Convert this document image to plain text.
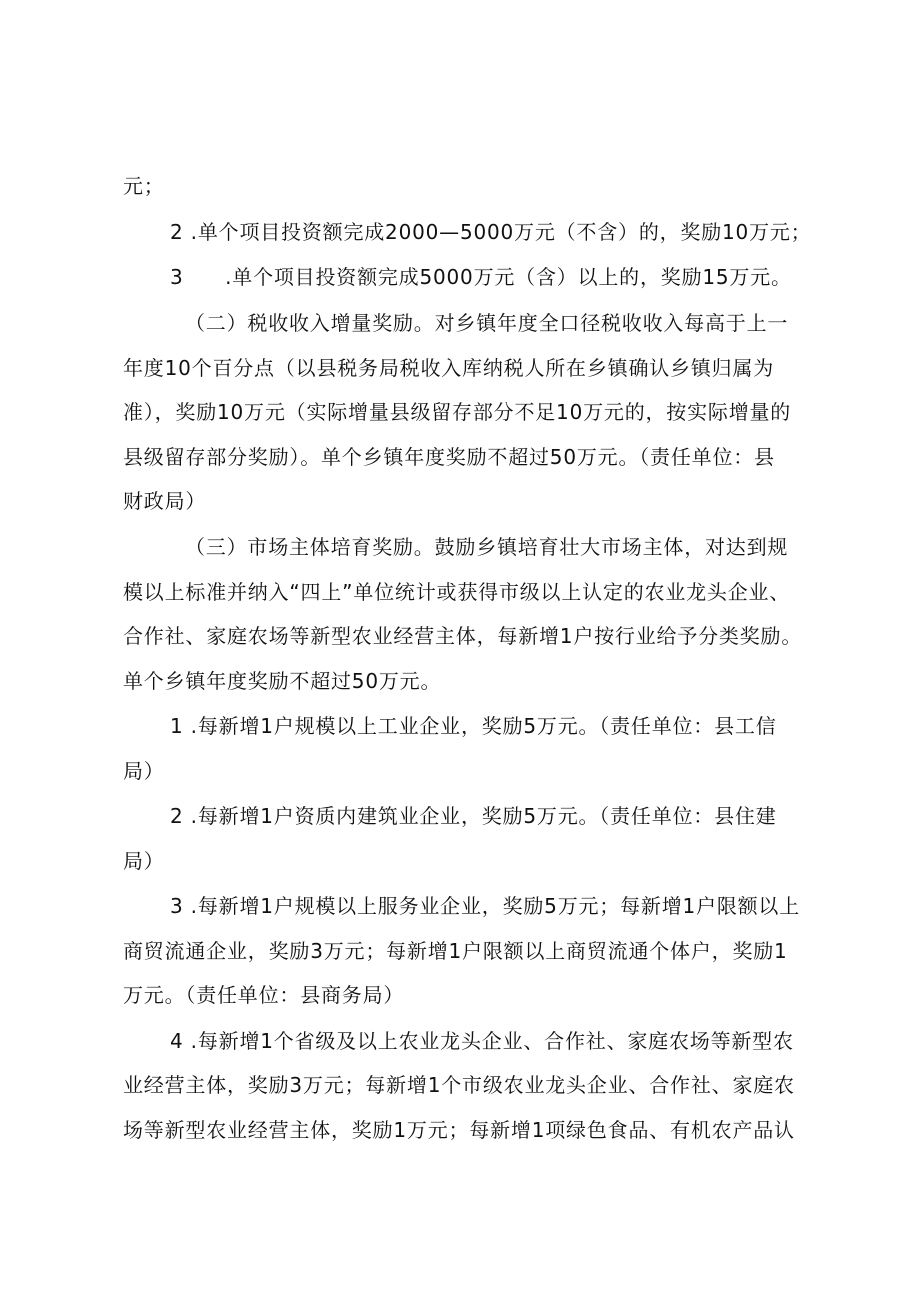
元；
2 .单个项目投资额完成2000—5000万元（不含）的，奖励10万元；
3　　.单个项目投资额完成5000万元（含）以上的，奖励15万元。
（二）税收收入增量奖励。对乡镇年度全口径税收收入每高于上一
年度10个百分点（以县税务局税收入库纳税人所在乡镇确认乡镇归属为
准），奖励10万元（实际增量县级留存部分不足10万元的，按实际增量的
县级留存部分奖励）。单个乡镇年度奖励不超过50万元。（责任单位：县
财政局）
（三）市场主体培育奖励。鼓励乡镇培育壮大市场主体，对达到规
模以上标准并纳入“四上”单位统计或获得市级以上认定的农业龙头企业、
合作社、家庭农场等新型农业经营主体，每新增1户按行业给予分类奖励。
单个乡镇年度奖励不超过50万元。
1 .每新增1户规模以上工业企业，奖励5万元。（责任单位：县工信
局）
2 .每新增1户资质内建筑业企业，奖励5万元。（责任单位：县住建
局）
3 .每新增1户规模以上服务业企业，奖励5万元；每新增1户限额以上
商贸流通企业，奖励3万元；每新增1户限额以上商贸流通个体户，奖励1
万元。（责任单位：县商务局）
4 .每新增1个省级及以上农业龙头企业、合作社、家庭农场等新型农
业经营主体，奖励3万元；每新增1个市级农业龙头企业、合作社、家庭农
场等新型农业经营主体，奖励1万元；每新增1项绿色食品、有机农产品认
